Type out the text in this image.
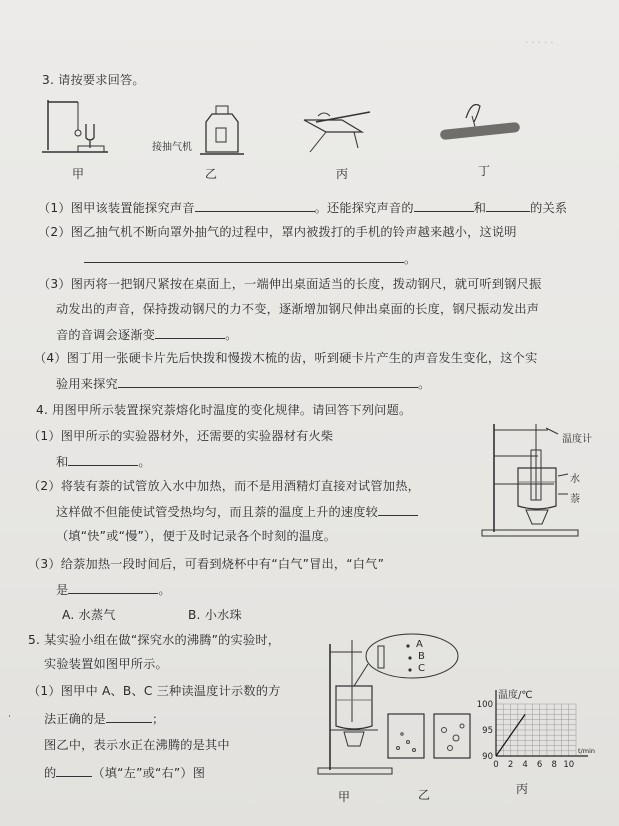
· · · · ·
3. 请按要求回答。
甲
接抽气机
乙	丙	丁
（1）图甲该装置能探究声音	。还能探究声音的	和	的关系
（2）图乙抽气机不断向罩外抽气的过程中，罩内被拨打的手机的铃声越来越小，这说明
。
（3）图丙将一把钢尺紧按在桌面上，一端伸出桌面适当的长度，拨动钢尺，就可听到钢尺振
动发出的声音，保持拨动钢尺的力不变，逐渐增加钢尺伸出桌面的长度，钢尺振动发出声
音的音调会逐渐变	。
（4）图丁用一张硬卡片先后快拨和慢拨木梳的齿，听到硬卡片产生的声音发生变化，这个实
验用来探究	。
4. 用图甲所示装置探究萘熔化时温度的变化规律。请回答下列问题。
（1）图甲所示的实验器材外，还需要的实验器材有火柴
和	。
（2）将装有萘的试管放入水中加热，而不是用酒精灯直接对试管加热，
这样做不但能使试管受热均匀，而且萘的温度上升的速度较
（填“快”或“慢”），便于及时记录各个时刻的温度。
（3）给萘加热一段时间后，可看到烧杯中有“白气”冒出，“白气”
是	。
A. 水蒸气	B. 小水珠
温度计
水
萘
5. 某实验小组在做“探究水的沸腾”的实验时，
实验装置如图甲所示。
（1）图甲中 A、B、C 三种读温度计示数的方
法正确的是	；
图乙中，表示水正在沸腾的是其中
的	（填“左”或“右”）图
·
A
B
C
甲	乙
0 2 4 6 8 10
90
95
100
t/min
温度/℃
丙
